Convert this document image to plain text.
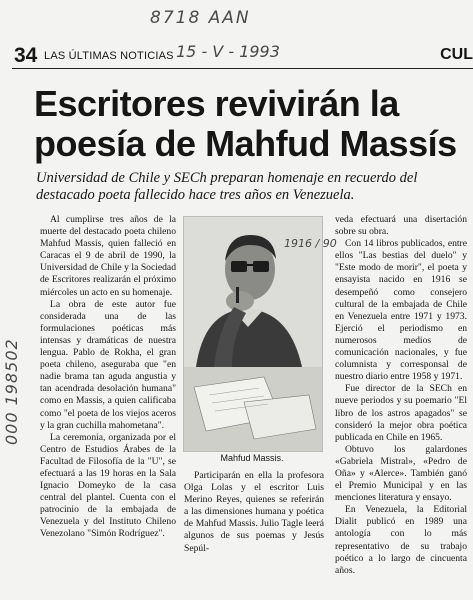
8718 AAN
34 LAS ÚLTIMAS NOTICIAS 15 - V - 1993	CUL
000 198502
Escritores revivirán la poesía de Mahfud Massís
Universidad de Chile y SECh preparan homenaje en recuerdo del destacado poeta fallecido hace tres años en Venezuela.

Al cumplirse tres años de la muerte del destacado poeta chileno Mahfud Massis, quien falleció en Caracas el 9 de abril de 1990, la Universidad de Chile y la Sociedad de Escritores realizarán el próximo miércoles un acto en su homenaje.

La obra de este autor fue considerada una de las formulaciones poéticas más intensas y dramáticas de nuestra lengua. Pablo de Rokha, el gran poeta chileno, aseguraba que "en nadie brama tan aguda angustia y tan acendrada desolación humana" como en Massis, a quien calificaba como "el poeta de los viejos aceros y la gran cuchilla mahometana".

La ceremonia, organizada por el Centro de Estudios Árabes de la Facultad de Filosofía de la "U", se efectuará a las 19 horas en la Sala Ignacio Domeyko de la casa central del plantel. Cuenta con el patrocinio de la embajada de Venezuela y del Instituto Chileno Venezolano "Simón Rodríguez".

1916 / 90
Mahfud Massis.

Participarán en ella la profesora Olga Lolas y el escritor Luis Merino Reyes, quienes se referirán a las dimensiones humana y poética de Mahfud Massis. Julio Tagle leerá algunos de sus poemas y Jesús Sepúl-

veda efectuará una disertación sobre su obra.

Con 14 libros publicados, entre ellos "Las bestias del duelo" y "Este modo de morir", el poeta y ensayista nacido en 1916 se desempeñó como consejero cultural de la embajada de Chile en Venezuela entre 1971 y 1973. Ejerció el periodismo en numerosos medios de comunicación nacionales, y fue columnista y corresponsal de nuestro diario entre 1958 y 1971.

Fue director de la SECh en nueve periodos y su poemario "El libro de los astros apagados" se consideró la mejor obra poética publicada en Chile en 1965.

Obtuvo los galardones «Gabriela Mistral», «Pedro de Oña» y «Alerce». También ganó el Premio Municipal y en las menciones literatura y ensayo.

En Venezuela, la Editorial Dialit publicó en 1989 una antología con lo más representativo de su trabajo poético a lo largo de cincuenta años.
